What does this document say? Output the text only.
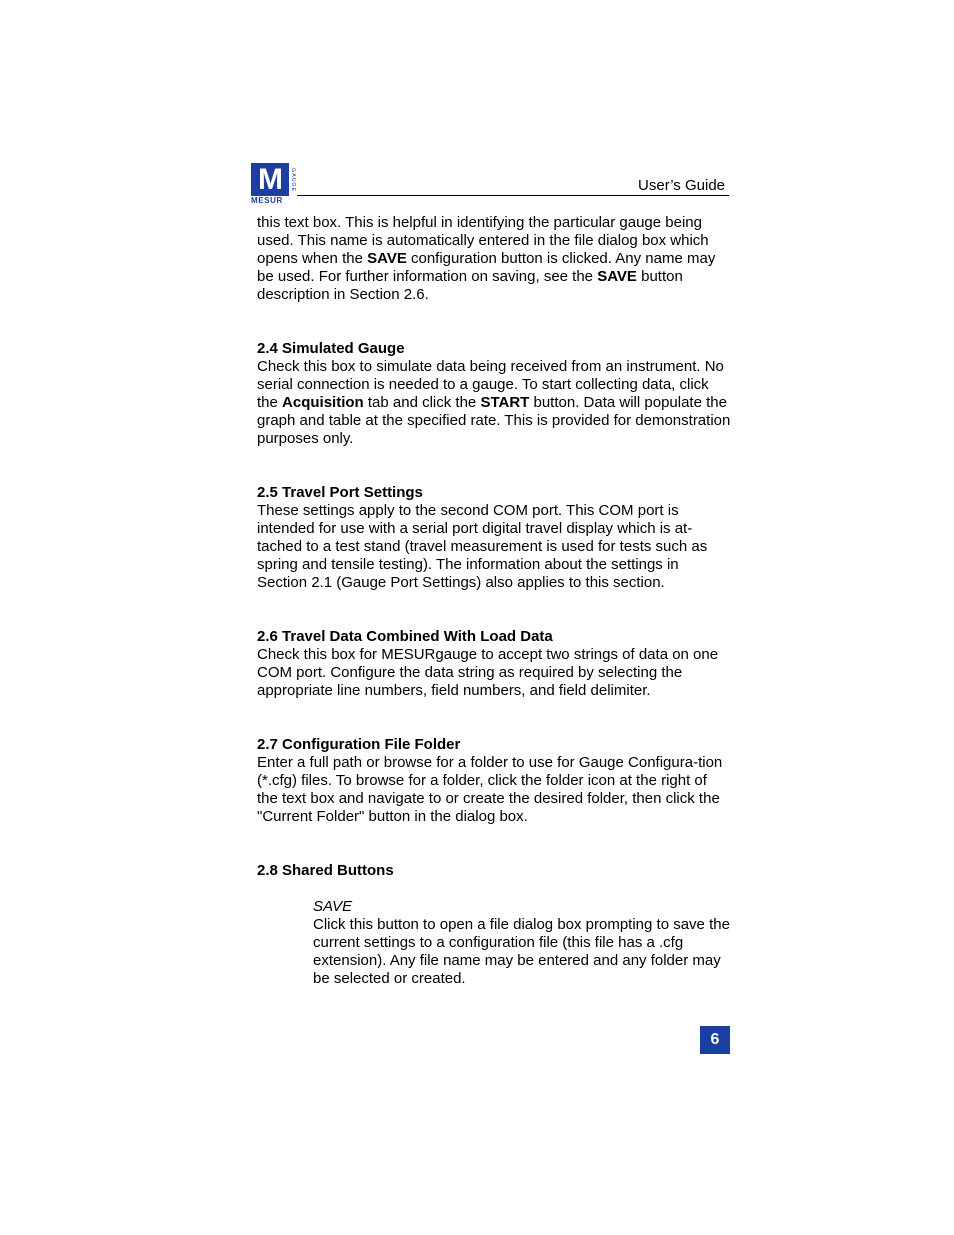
M GAUGE
MESUR
User’s Guide

this text box. This is helpful in identifying the particular gauge being used. This name is automatically entered in the file dialog box which opens when the SAVE configuration button is clicked. Any name may be used. For further information on saving, see the SAVE button description in Section 2.6.

2.4 Simulated Gauge

Check this box to simulate data being received from an instrument. No serial connection is needed to a gauge. To start collecting data, click the Acquisition tab and click the START button. Data will populate the graph and table at the specified rate. This is provided for demonstration purposes only.

2.5 Travel Port Settings

These settings apply to the second COM port. This COM port is intended for use with a serial port digital travel display which is at-tached to a test stand (travel measurement is used for tests such as spring and tensile testing). The information about the settings in Section 2.1 (Gauge Port Settings) also applies to this section.

2.6 Travel Data Combined With Load Data

Check this box for MESURgauge to accept two strings of data on one COM port. Configure the data string as required by selecting the appropriate line numbers, field numbers, and field delimiter.

2.7 Configuration File Folder

Enter a full path or browse for a folder to use for Gauge Configura-tion (*.cfg) files. To browse for a folder, click the folder icon at the right of the text box and navigate to or create the desired folder, then click the "Current Folder" button in the dialog box.

2.8 Shared Buttons
SAVE

Click this button to open a file dialog box prompting to save the current settings to a configuration file (this file has a .cfg extension). Any file name may be entered and any folder may be selected or created.

6
